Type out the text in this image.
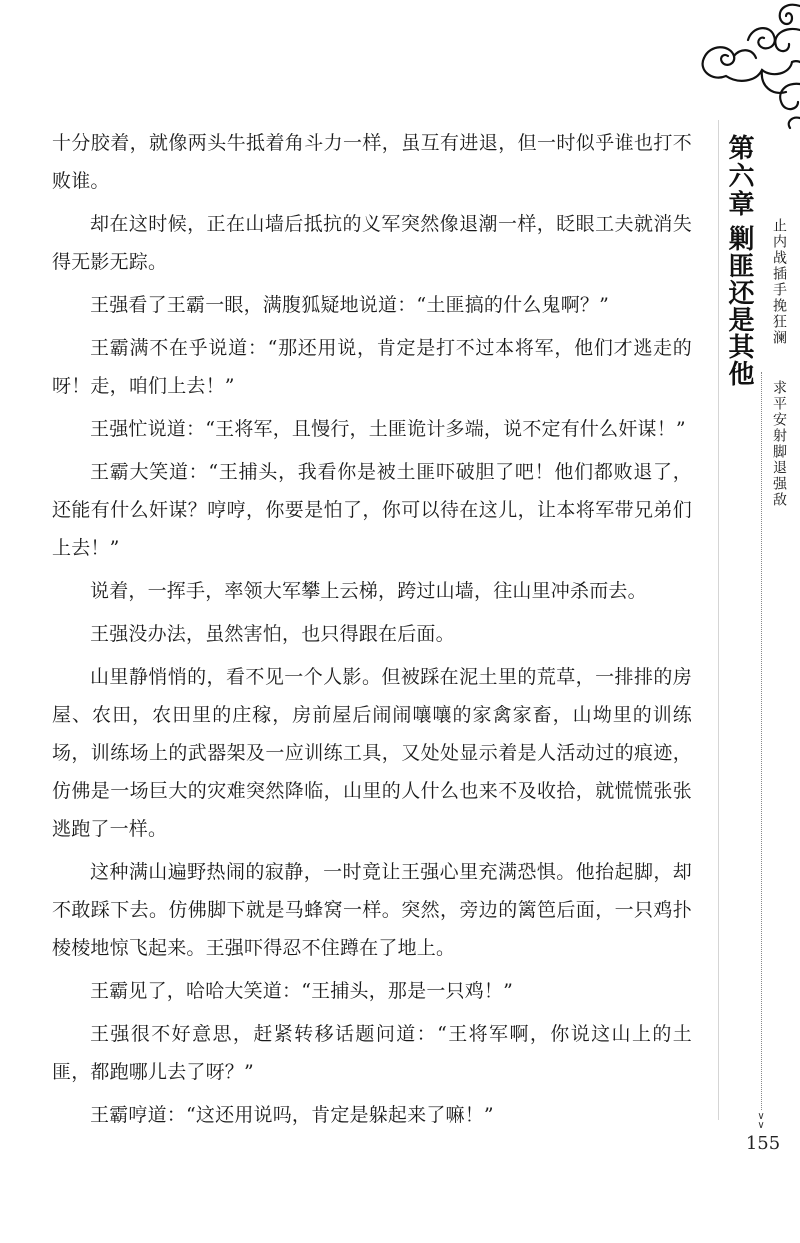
十分胶着，就像两头牛抵着角斗力一样，虽互有进退，但一时似乎谁也打不败谁。

却在这时候，正在山墙后抵抗的义军突然像退潮一样，眨眼工夫就消失得无影无踪。

王强看了王霸一眼，满腹狐疑地说道：“土匪搞的什么鬼啊？”

王霸满不在乎说道：“那还用说，肯定是打不过本将军，他们才逃走的呀！走，咱们上去！”

王强忙说道：“王将军，且慢行，土匪诡计多端，说不定有什么奸谋！”

王霸大笑道：“王捕头，我看你是被土匪吓破胆了吧！他们都败退了，还能有什么奸谋？哼哼，你要是怕了，你可以待在这儿，让本将军带兄弟们上去！”

说着，一挥手，率领大军攀上云梯，跨过山墙，往山里冲杀而去。

王强没办法，虽然害怕，也只得跟在后面。

山里静悄悄的，看不见一个人影。但被踩在泥土里的荒草，一排排的房屋、农田，农田里的庄稼，房前屋后闹闹嚷嚷的家禽家畜，山坳里的训练场，训练场上的武器架及一应训练工具，又处处显示着是人活动过的痕迹，仿佛是一场巨大的灾难突然降临，山里的人什么也来不及收拾，就慌慌张张逃跑了一样。

这种满山遍野热闹的寂静，一时竟让王强心里充满恐惧。他抬起脚，却不敢踩下去。仿佛脚下就是马蜂窝一样。突然，旁边的篱笆后面，一只鸡扑棱棱地惊飞起来。王强吓得忍不住蹲在了地上。

王霸见了，哈哈大笑道：“王捕头，那是一只鸡！”

王强很不好意思，赶紧转移话题问道：“王将军啊，你说这山上的土匪，都跑哪儿去了呀？”

王霸哼道：“这还用说吗，肯定是躲起来了嘛！”

第六章
剿匪还是其他 止内战插手挽狂澜
求平安射脚退强敌
∨
∨
155
